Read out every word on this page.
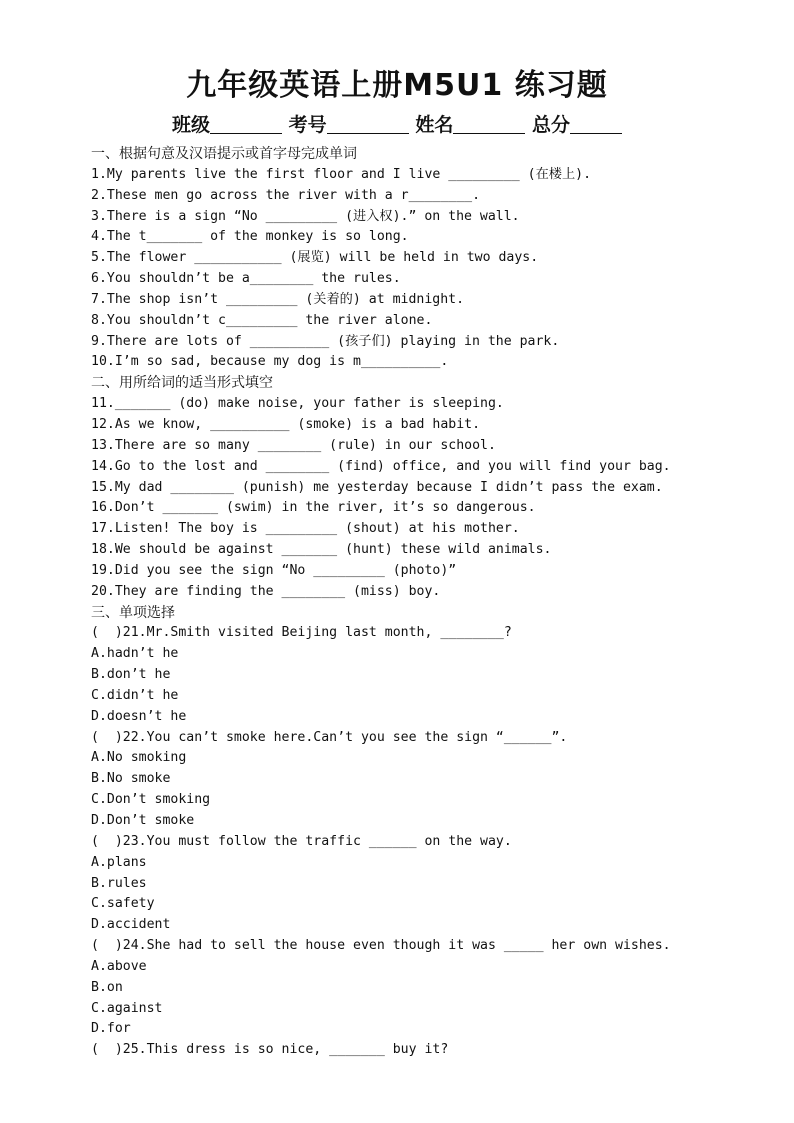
九年级英语上册M5U1 练习题
班级	考号	姓名	总分
一、根据句意及汉语提示或首字母完成单词
1.My parents live the first floor and I live _________ (在楼上).
2.These men go across the river with a r________.
3.There is a sign “No _________ (进入权).” on the wall.
4.The t_______ of the monkey is so long.
5.The flower ___________ (展览) will be held in two days.
6.You shouldn’t be a________ the rules.
7.The shop isn’t _________ (关着的) at midnight.
8.You shouldn’t c_________ the river alone.
9.There are lots of __________ (孩子们) playing in the park.
10.I’m so sad, because my dog is m__________.
二、用所给词的适当形式填空
11._______ (do) make noise, your father is sleeping.
12.As we know, __________ (smoke) is a bad habit.
13.There are so many ________ (rule) in our school.
14.Go to the lost and ________ (find) office, and you will find your bag.
15.My dad ________ (punish) me yesterday because I didn’t pass the exam.
16.Don’t _______ (swim) in the river, it’s so dangerous.
17.Listen! The boy is _________ (shout) at his mother.
18.We should be against _______ (hunt) these wild animals.
19.Did you see the sign “No _________ (photo)”
20.They are finding the ________ (miss) boy.
三、单项选择
(  )21.Mr.Smith visited Beijing last month, ________?
A.hadn’t he
B.don’t he
C.didn’t he
D.doesn’t he
(  )22.You can’t smoke here.Can’t you see the sign “______”.
A.No smoking
B.No smoke
C.Don’t smoking
D.Don’t smoke
(  )23.You must follow the traffic ______ on the way.
A.plans
B.rules
C.safety
D.accident
(  )24.She had to sell the house even though it was _____ her own wishes.
A.above
B.on
C.against
D.for
(  )25.This dress is so nice, _______ buy it?
